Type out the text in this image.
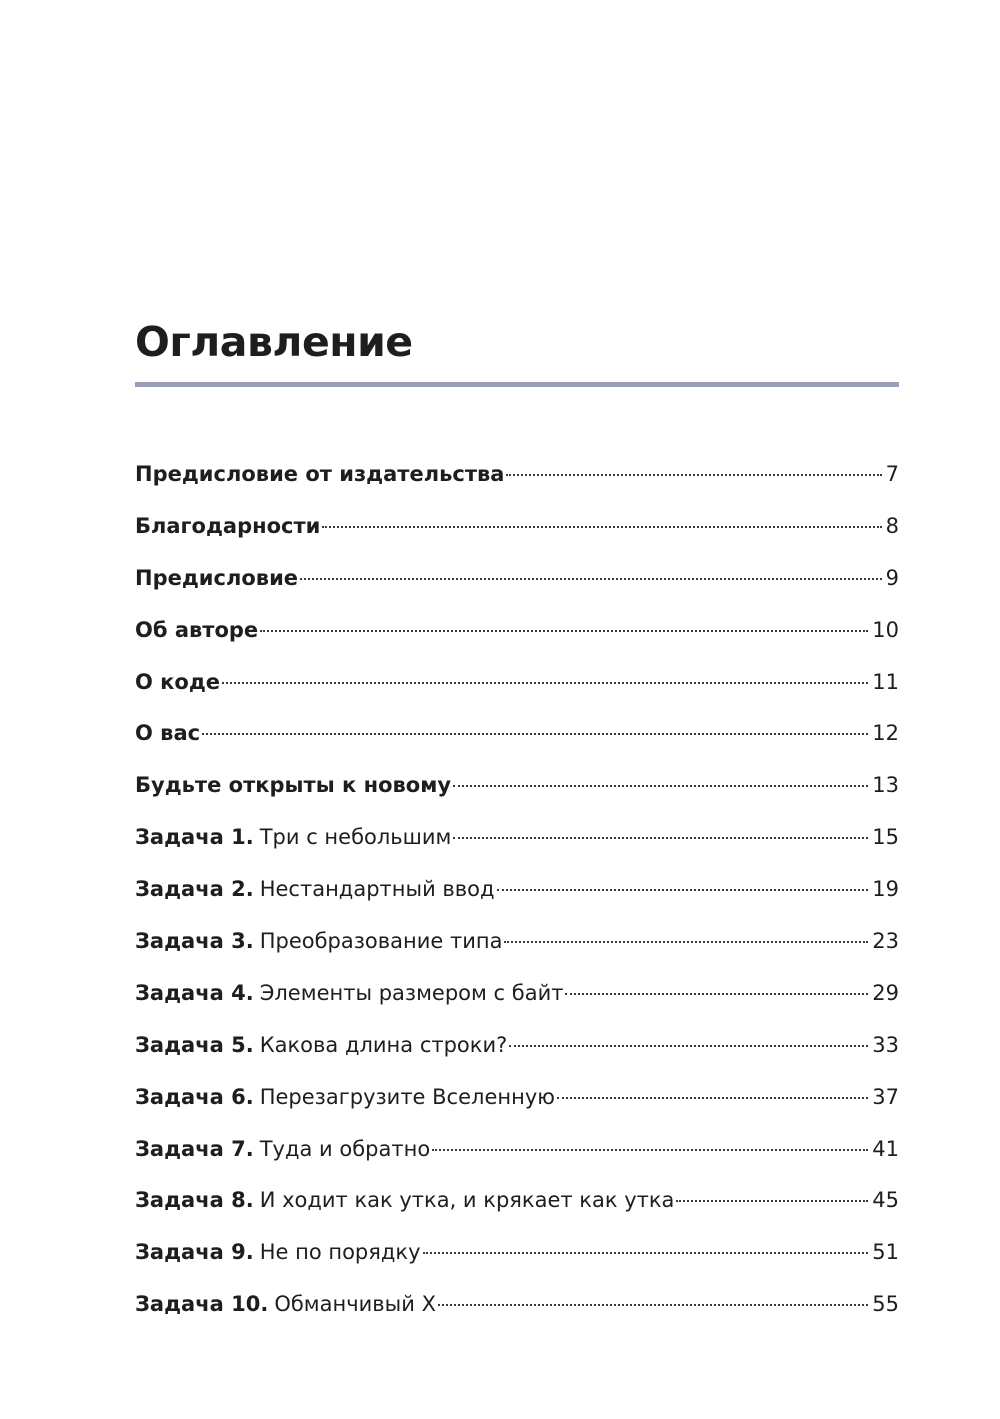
Оглавление
Предисловие от издательства	7
Благодарности	8
Предисловие	9
Об авторе	10
О коде	11
О вас	12
Будьте открыты к новому	13
Задача 1. Три с небольшим	15
Задача 2. Нестандартный ввод	19
Задача 3. Преобразование типа	23
Задача 4. Элементы размером с байт	29
Задача 5. Какова длина строки?	33
Задача 6. Перезагрузите Вселенную	37
Задача 7. Туда и обратно	41
Задача 8. И ходит как утка, и крякает как утка	45
Задача 9. Не по порядку	51
Задача 10. Обманчивый X	55
